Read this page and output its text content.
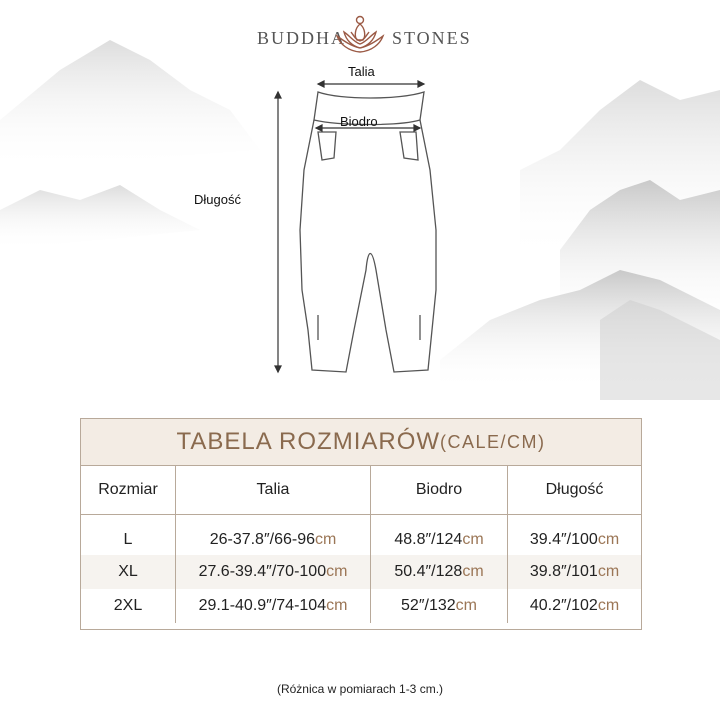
BUDDHA	STONES
Talia
Biodro
Długość
TABELA ROZMIARÓW (CALE/CM)
Rozmiar	Talia	Biodro	Długość
L	26-37.8″/66-96cm	48.8″/124cm	39.4″/100cm
XL	27.6-39.4″/70-100cm	50.4″/128cm	39.8″/101cm
2XL	29.1-40.9″/74-104cm	52″/132cm	40.2″/102cm
(Różnica w pomiarach 1-3 cm.)
